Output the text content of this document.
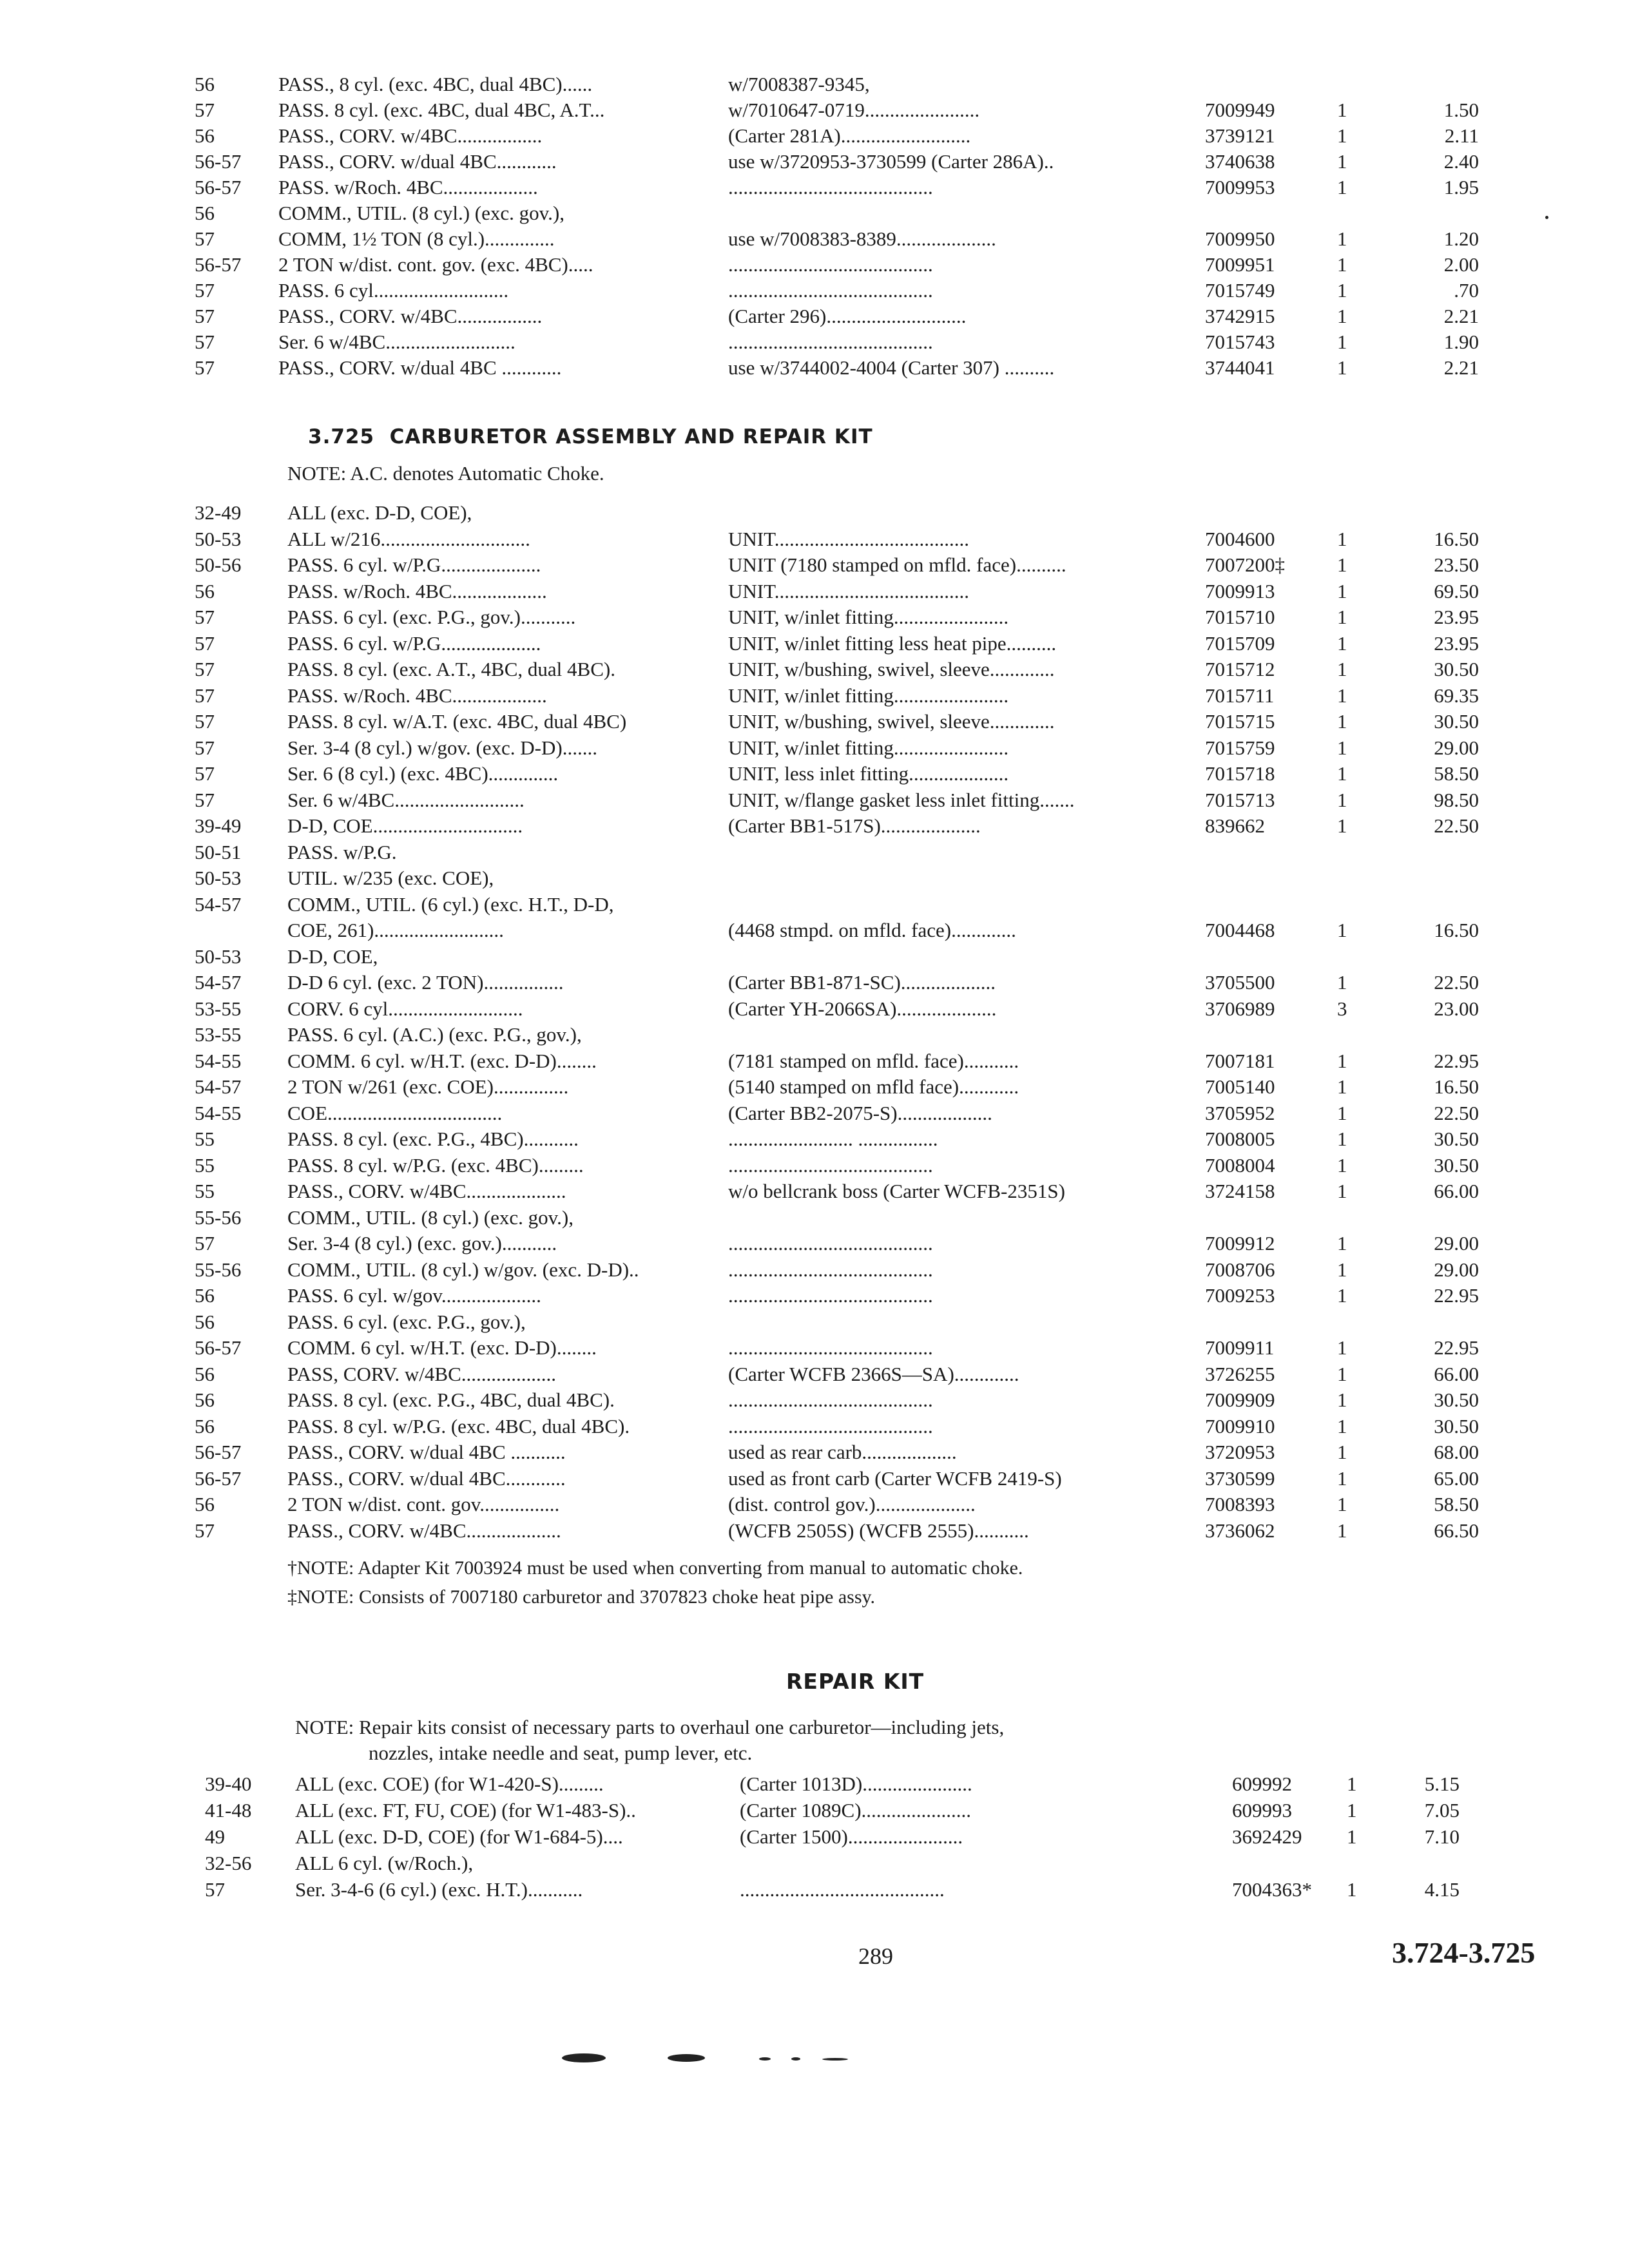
56	PASS., 8 cyl. (exc. 4BC, dual 4BC)......	w/7008387-9345,
57	PASS. 8 cyl. (exc. 4BC, dual 4BC, A.T...	w/7010647-0719.......................	7009949	1	1.50
56	PASS., CORV. w/4BC.................	(Carter 281A)..........................	3739121	1	2.11
56-57 PASS., CORV. w/dual 4BC............	use w/3720953-3730599 (Carter 286A)..	3740638	1	2.40
56-57 PASS. w/Roch. 4BC...................	.........................................	7009953	1	1.95
56	COMM., UTIL. (8 cyl.) (exc. gov.),
57	COMM, 1½ TON (8 cyl.)..............	use w/7008383-8389....................	7009950	1	1.20
56-57 2 TON w/dist. cont. gov. (exc. 4BC).....	.........................................	7009951	1	2.00
57	PASS. 6 cyl...........................	.........................................	7015749	1	.70
57	PASS., CORV. w/4BC.................	(Carter 296)............................	3742915	1	2.21
57	Ser. 6 w/4BC..........................	.........................................	7015743	1	1.90
57	PASS., CORV. w/dual 4BC ............	use w/3744002-4004 (Carter 307) ..........	3744041	1	2.21
3.725 CARBURETOR ASSEMBLY AND REPAIR KIT
NOTE: A.C. denotes Automatic Choke.
32-49 ALL (exc. D-D, COE),
50-53 ALL w/216..............................	UNIT.......................................	7004600	1	16.50
50-56 PASS. 6 cyl. w/P.G....................	UNIT (7180 stamped on mfld. face)..........	7007200‡	1	23.50
56	PASS. w/Roch. 4BC...................	UNIT.......................................	7009913	1	69.50
57	PASS. 6 cyl. (exc. P.G., gov.)...........	UNIT, w/inlet fitting.......................	7015710	1	23.95
57	PASS. 6 cyl. w/P.G....................	UNIT, w/inlet fitting less heat pipe..........	7015709	1	23.95
57	PASS. 8 cyl. (exc. A.T., 4BC, dual 4BC).	UNIT, w/bushing, swivel, sleeve.............	7015712	1	30.50
57	PASS. w/Roch. 4BC...................	UNIT, w/inlet fitting.......................	7015711	1	69.35
57	PASS. 8 cyl. w/A.T. (exc. 4BC, dual 4BC)	UNIT, w/bushing, swivel, sleeve.............	7015715	1	30.50
57	Ser. 3-4 (8 cyl.) w/gov. (exc. D-D).......	UNIT, w/inlet fitting.......................	7015759	1	29.00
57	Ser. 6 (8 cyl.) (exc. 4BC)..............	UNIT, less inlet fitting....................	7015718	1	58.50
57	Ser. 6 w/4BC..........................	UNIT, w/flange gasket less inlet fitting.......	7015713	1	98.50
39-49 D-D, COE..............................	(Carter BB1-517S)....................	839662	1	22.50
50-51 PASS. w/P.G.
50-53 UTIL. w/235 (exc. COE),
54-57 COMM., UTIL. (6 cyl.) (exc. H.T., D-D,
COE, 261)..........................	(4468 stmpd. on mfld. face).............	7004468	1	16.50
50-53 D-D, COE,
54-57 D-D 6 cyl. (exc. 2 TON)................	(Carter BB1-871-SC)...................	3705500	1	22.50
53-55 CORV. 6 cyl...........................	(Carter YH-2066SA)....................	3706989	3	23.00
53-55 PASS. 6 cyl. (A.C.) (exc. P.G., gov.),
54-55 COMM. 6 cyl. w/H.T. (exc. D-D)........	(7181 stamped on mfld. face)...........	7007181	1	22.95
54-57 2 TON w/261 (exc. COE)...............	(5140 stamped on mfld face)............	7005140	1	16.50
54-55 COE...................................	(Carter BB2-2075-S)...................	3705952	1	22.50
55	PASS. 8 cyl. (exc. P.G., 4BC)...........	......................... ................	7008005	1	30.50
55	PASS. 8 cyl. w/P.G. (exc. 4BC).........	.........................................	7008004	1	30.50
55	PASS., CORV. w/4BC....................	w/o bellcrank boss (Carter WCFB-2351S)	3724158	1	66.00
55-56 COMM., UTIL. (8 cyl.) (exc. gov.),
57	Ser. 3-4 (8 cyl.) (exc. gov.)...........	.........................................	7009912	1	29.00
55-56 COMM., UTIL. (8 cyl.) w/gov. (exc. D-D)..	.........................................	7008706	1	29.00
56	PASS. 6 cyl. w/gov....................	.........................................	7009253	1	22.95
56	PASS. 6 cyl. (exc. P.G., gov.),
56-57 COMM. 6 cyl. w/H.T. (exc. D-D)........	.........................................	7009911	1	22.95
56	PASS, CORV. w/4BC...................	(Carter WCFB 2366S—SA).............	3726255	1	66.00
56	PASS. 8 cyl. (exc. P.G., 4BC, dual 4BC).	.........................................	7009909	1	30.50
56	PASS. 8 cyl. w/P.G. (exc. 4BC, dual 4BC).	.........................................	7009910	1	30.50
56-57 PASS., CORV. w/dual 4BC ...........	used as rear carb...................	3720953	1	68.00
56-57 PASS., CORV. w/dual 4BC............	used as front carb (Carter WCFB 2419-S)	3730599	1	65.00
56	2 TON w/dist. cont. gov................	(dist. control gov.)....................	7008393	1	58.50
57	PASS., CORV. w/4BC...................	(WCFB 2505S) (WCFB 2555)...........	3736062	1	66.50
†NOTE: Adapter Kit 7003924 must be used when converting from manual to automatic choke.
‡NOTE: Consists of 7007180 carburetor and 3707823 choke heat pipe assy.
REPAIR KIT
NOTE: Repair kits consist of necessary parts to overhaul one carburetor—including jets,
nozzles, intake needle and seat, pump lever, etc.
39-40 ALL (exc. COE) (for W1-420-S).........	(Carter 1013D)......................	609992	1	5.15
41-48 ALL (exc. FT, FU, COE) (for W1-483-S)..	(Carter 1089C)......................	609993	1	7.05
49	ALL (exc. D-D, COE) (for W1-684-5)....	(Carter 1500).......................	3692429 1	7.10
32-56 ALL 6 cyl. (w/Roch.),
57	Ser. 3-4-6 (6 cyl.) (exc. H.T.)...........	.........................................	7004363* 1	4.15
289	3.724-3.725
